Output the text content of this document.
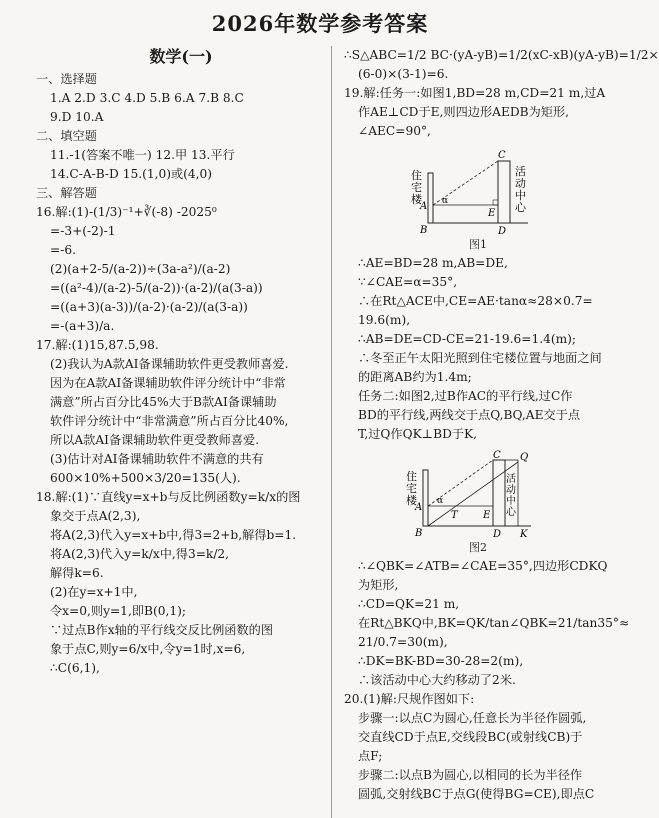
2026年数学参考答案
数学(一)
一、选择题
1.A 2.D 3.C 4.D 5.B 6.A 7.B 8.C
9.D 10.A
二、填空题
11.-1(答案不唯一) 12.甲 13.平行
14.C-A-B-D 15.(1,0)或(4,0)
三、解答题
16.解:(1)-(1/3)⁻¹+∛(-8) -2025⁰
=-3+(-2)-1
=-6.
(2)(a+2-5/(a-2))÷(3a-a²)/(a-2)
=((a²-4)/(a-2)-5/(a-2))·(a-2)/(a(3-a))
=((a+3)(a-3))/(a-2)·(a-2)/(a(3-a))
=-(a+3)/a.
17.解:(1)15,87.5,98.
(2)我认为A款AI备课辅助软件更受教师喜爱.
因为在A款AI备课辅助软件评分统计中“非常
满意”所占百分比45%大于B款AI备课辅助
软件评分统计中“非常满意”所占百分比40%,
所以A款AI备课辅助软件更受教师喜爱.
(3)估计对AI备课辅助软件不满意的共有
600×10%+500×3/20=135(人).
18.解:(1)∵直线y=x+b与反比例函数y=k/x的图
象交于点A(2,3),
将A(2,3)代入y=x+b中,得3=2+b,解得b=1.
将A(2,3)代入y=k/x中,得3=k/2,
解得k=6.
(2)在y=x+1中,
令x=0,则y=1,即B(0,1);
∵过点B作x轴的平行线交反比例函数的图
象于点C,则y=6/x中,令y=1时,x=6,
∴C(6,1),
∴S△ABC=1/2 BC·(yA-yB)=1/2(xC-xB)(yA-yB)=1/2×
(6-0)×(3-1)=6.
19.解:任务一:如图1,BD=28 m,CD=21 m,过A
作AE⊥CD于E,则四边形AEDB为矩形,
∠AEC=90°,
住
宅
楼
活
动
中
心
A
B
C
D
E
α
图1
∴AE=BD=28 m,AB=DE,
∵∠CAE=α=35°,
∴在Rt△ACE中,CE=AE·tanα≈28×0.7=
19.6(m),
∴AB=DE=CD-CE=21-19.6=1.4(m);
∴冬至正午太阳光照到住宅楼位置与地面之间
的距离AB约为1.4m;
任务二:如图2,过B作AC的平行线,过C作
BD的平行线,两线交于点Q,BQ,AE交于点
T,过Q作QK⊥BD于K,
住
宅
楼
活
动
中
心
A
B
C
D
E
K
Q
T
α
图2
∴∠QBK=∠ATB=∠CAE=35°,四边形CDKQ
为矩形,
∴CD=QK=21 m,
在Rt△BKQ中,BK=QK/tan∠QBK=21/tan35°≈
21/0.7=30(m),
∴DK=BK-BD=30-28=2(m),
∴该活动中心大约移动了2米.
20.(1)解:尺规作图如下:
步骤一:以点C为圆心,任意长为半径作圆弧,
交直线CD于点E,交线段BC(或射线CB)于
点F;
步骤二:以点B为圆心,以相同的长为半径作
圆弧,交射线BC于点G(使得BG=CE),即点C
